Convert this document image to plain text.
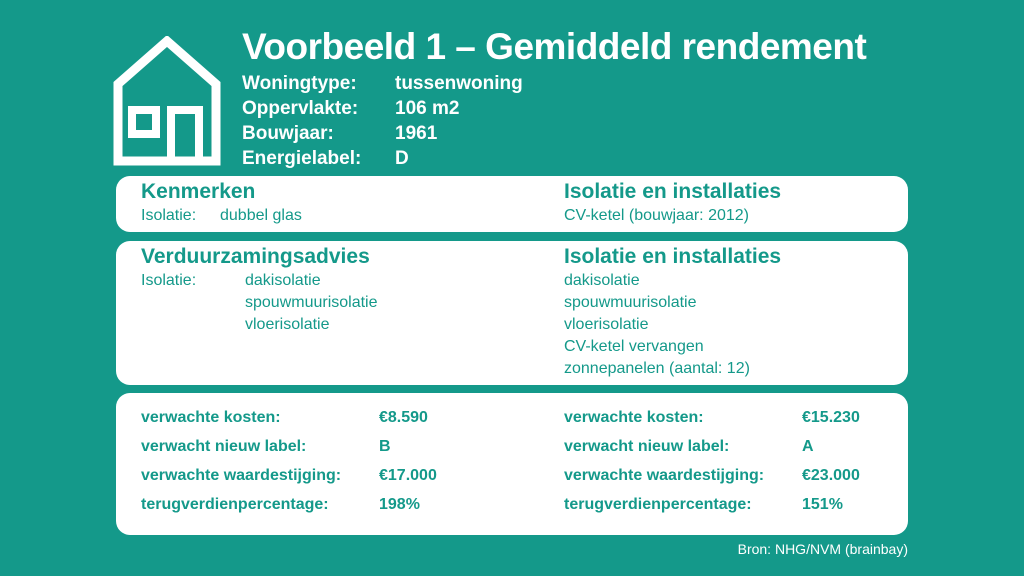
Voorbeeld 1 – Gemiddeld rendement
Woningtype: tussenwoning
Oppervlakte: 106 m2
Bouwjaar:	1961
Energielabel: D
Kenmerken
Isolatie: dubbel glas
Isolatie en installaties
CV-ketel (bouwjaar: 2012)
Verduurzamingsadvies
Isolatie:	dakisolatie
spouwmuurisolatie
vloerisolatie
Isolatie en installaties
dakisolatie
spouwmuurisolatie
vloerisolatie
CV-ketel vervangen
zonnepanelen (aantal: 12)
verwachte kosten:	€8.590
verwacht nieuw label:	B
verwachte waardestijging: €17.000
terugverdienpercentage:	198%
verwachte kosten:	€15.230
verwacht nieuw label:	A
verwachte waardestijging: €23.000
terugverdienpercentage:	151%
Bron: NHG/NVM (brainbay)
